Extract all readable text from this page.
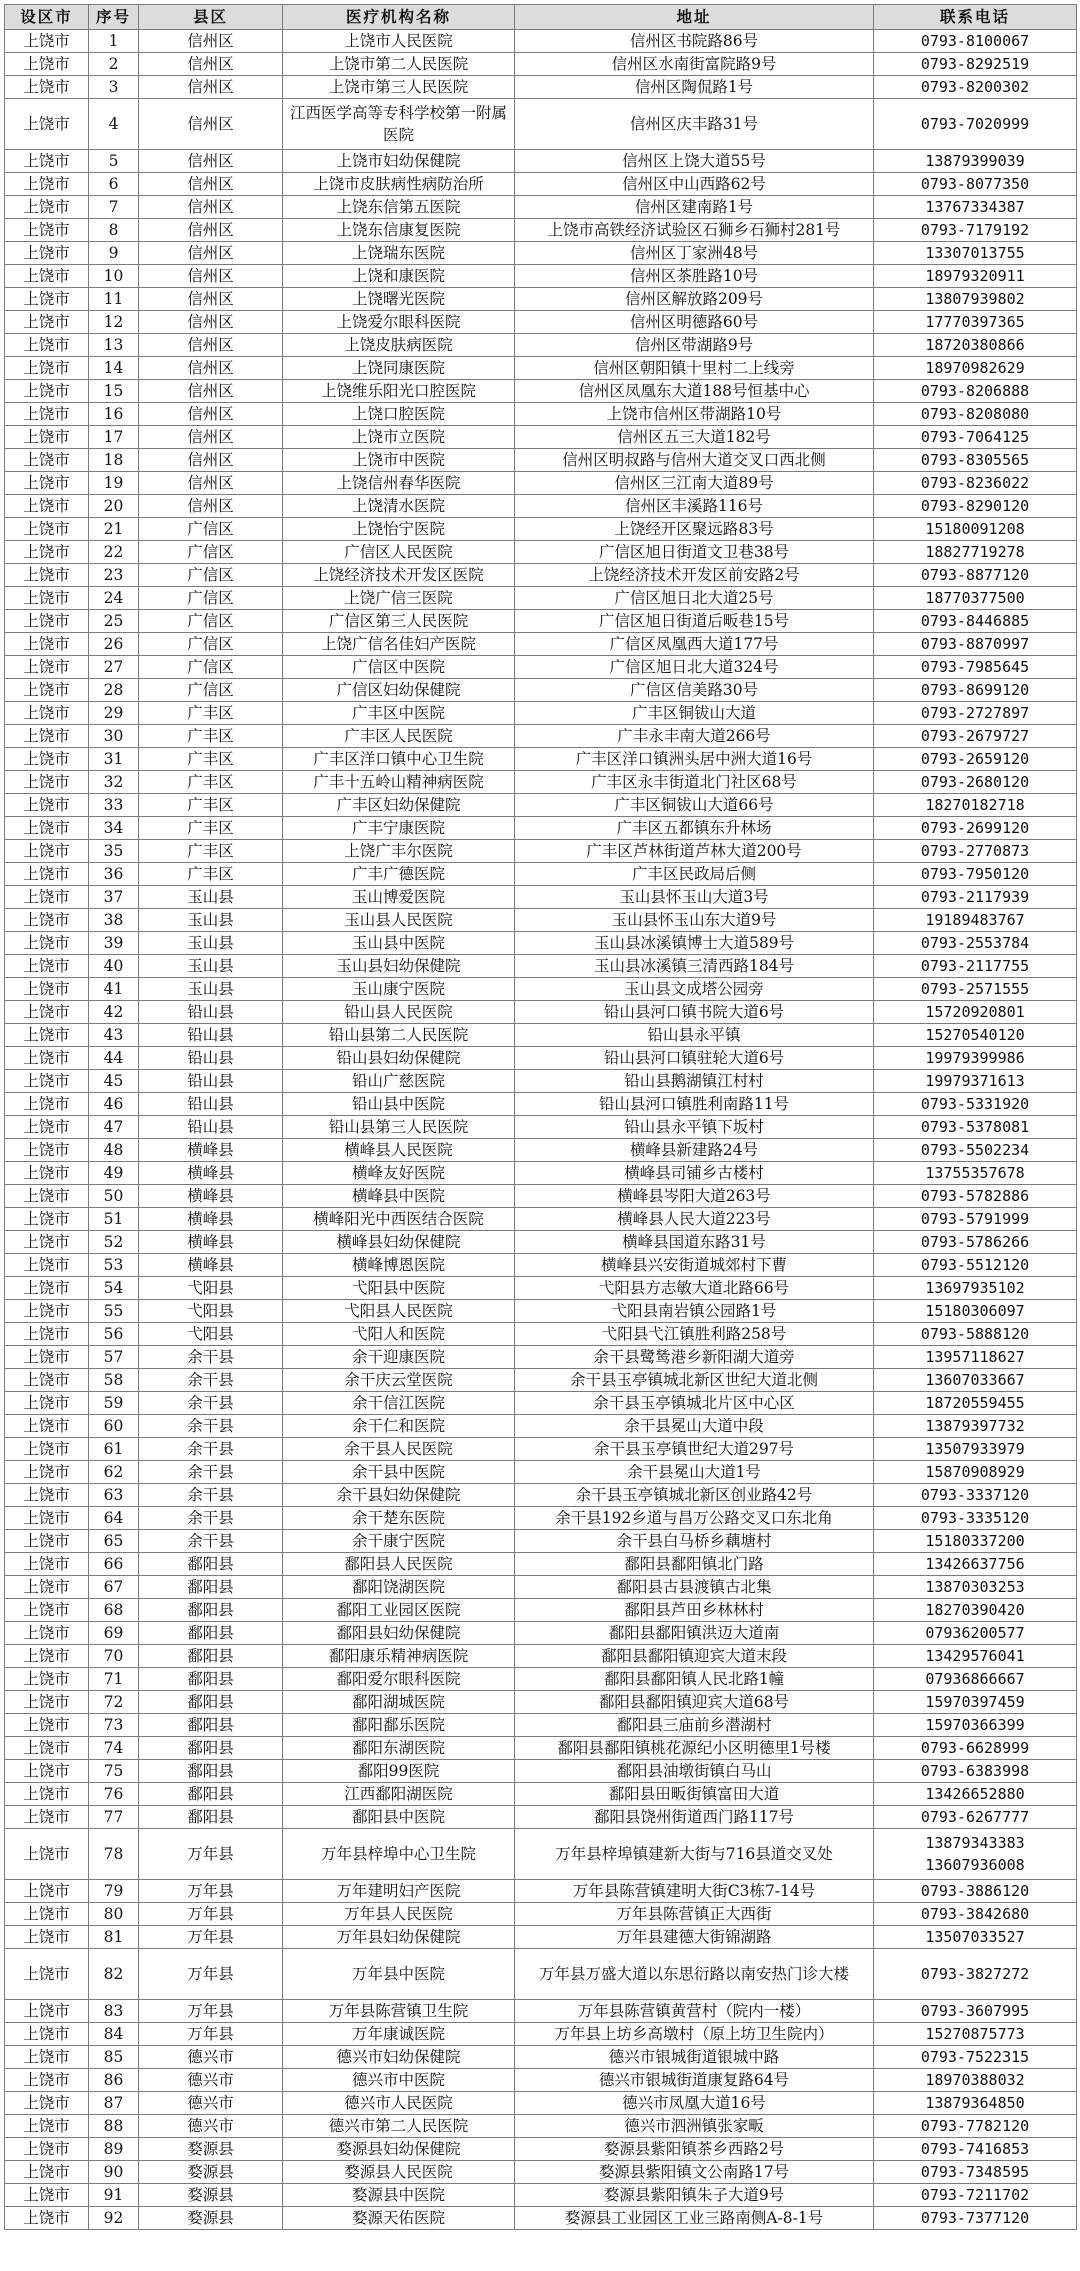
设区市	序号	县区	医疗机构名称	地址	联系电话
上饶市	1	信州区	上饶市人民医院	信州区书院路86号	0793-8100067
上饶市	2	信州区	上饶市第二人民医院	信州区水南街富院路9号	0793-8292519
上饶市	3	信州区	上饶市第三人民医院	信州区陶侃路1号	0793-8200302
上饶市	4	信州区	江西医学高等专科学校第一附属医院	信州区庆丰路31号	0793-7020999
上饶市	5	信州区	上饶市妇幼保健院	信州区上饶大道55号	13879399039
上饶市	6	信州区	上饶市皮肤病性病防治所	信州区中山西路62号	0793-8077350
上饶市	7	信州区	上饶东信第五医院	信州区建南路1号	13767334387
上饶市	8	信州区	上饶东信康复医院	上饶市高铁经济试验区石狮乡石狮村281号	0793-7179192
上饶市	9	信州区	上饶瑞东医院	信州区丁家洲48号	13307013755
上饶市	10	信州区	上饶和康医院	信州区茶胜路10号	18979320911
上饶市	11	信州区	上饶曙光医院	信州区解放路209号	13807939802
上饶市	12	信州区	上饶爱尔眼科医院	信州区明德路60号	17770397365
上饶市	13	信州区	上饶皮肤病医院	信州区带湖路9号	18720380866
上饶市	14	信州区	上饶同康医院	信州区朝阳镇十里村二上线旁	18970982629
上饶市	15	信州区	上饶维乐阳光口腔医院	信州区凤凰东大道188号恒基中心	0793-8206888
上饶市	16	信州区	上饶口腔医院	上饶市信州区带湖路10号	0793-8208080
上饶市	17	信州区	上饶市立医院	信州区五三大道182号	0793-7064125
上饶市	18	信州区	上饶市中医院	信州区明叔路与信州大道交叉口西北侧	0793-8305565
上饶市	19	信州区	上饶信州春华医院	信州区三江南大道89号	0793-8236022
上饶市	20	信州区	上饶清水医院	信州区丰溪路116号	0793-8290120
上饶市	21	广信区	上饶怡宁医院	上饶经开区聚远路83号	15180091208
上饶市	22	广信区	广信区人民医院	广信区旭日街道文卫巷38号	18827719278
上饶市	23	广信区	上饶经济技术开发区医院	上饶经济技术开发区前安路2号	0793-8877120
上饶市	24	广信区	上饶广信三医院	广信区旭日北大道25号	18770377500
上饶市	25	广信区	广信区第三人民医院	广信区旭日街道后畈巷15号	0793-8446885
上饶市	26	广信区	上饶广信名佳妇产医院	广信区凤凰西大道177号	0793-8870997
上饶市	27	广信区	广信区中医院	广信区旭日北大道324号	0793-7985645
上饶市	28	广信区	广信区妇幼保健院	广信区信美路30号	0793-8699120
上饶市	29	广丰区	广丰区中医院	广丰区铜钹山大道	0793-2727897
上饶市	30	广丰区	广丰区人民医院	广丰永丰南大道266号	0793-2679727
上饶市	31	广丰区	广丰区洋口镇中心卫生院	广丰区洋口镇洲头居中洲大道16号	0793-2659120
上饶市	32	广丰区	广丰十五岭山精神病医院	广丰区永丰街道北门社区68号	0793-2680120
上饶市	33	广丰区	广丰区妇幼保健院	广丰区铜钹山大道66号	18270182718
上饶市	34	广丰区	广丰宁康医院	广丰区五都镇东升林场	0793-2699120
上饶市	35	广丰区	上饶广丰尔医院	广丰区芦林街道芦林大道200号	0793-2770873
上饶市	36	广丰区	广丰广德医院	广丰区民政局后侧	0793-7950120
上饶市	37	玉山县	玉山博爱医院	玉山县怀玉山大道3号	0793-2117939
上饶市	38	玉山县	玉山县人民医院	玉山县怀玉山东大道9号	19189483767
上饶市	39	玉山县	玉山县中医院	玉山县冰溪镇博士大道589号	0793-2553784
上饶市	40	玉山县	玉山县妇幼保健院	玉山县冰溪镇三清西路184号	0793-2117755
上饶市	41	玉山县	玉山康宁医院	玉山县文成塔公园旁	0793-2571555
上饶市	42	铅山县	铅山县人民医院	铅山县河口镇书院大道6号	15720920801
上饶市	43	铅山县	铅山县第二人民医院	铅山县永平镇	15270540120
上饶市	44	铅山县	铅山县妇幼保健院	铅山县河口镇驻轮大道6号	19979399986
上饶市	45	铅山县	铅山广慈医院	铅山县鹅湖镇江村村	19979371613
上饶市	46	铅山县	铅山县中医院	铅山县河口镇胜利南路11号	0793-5331920
上饶市	47	铅山县	铅山县第三人民医院	铅山县永平镇下坂村	0793-5378081
上饶市	48	横峰县	横峰县人民医院	横峰县新建路24号	0793-5502234
上饶市	49	横峰县	横峰友好医院	横峰县司铺乡古楼村	13755357678
上饶市	50	横峰县	横峰县中医院	横峰县岑阳大道263号	0793-5782886
上饶市	51	横峰县	横峰阳光中西医结合医院	横峰县人民大道223号	0793-5791999
上饶市	52	横峰县	横峰县妇幼保健院	横峰县国道东路31号	0793-5786266
上饶市	53	横峰县	横峰博恩医院	横峰县兴安街道城郊村下曹	0793-5512120
上饶市	54	弋阳县	弋阳县中医院	弋阳县方志敏大道北路66号	13697935102
上饶市	55	弋阳县	弋阳县人民医院	弋阳县南岩镇公园路1号	15180306097
上饶市	56	弋阳县	弋阳人和医院	弋阳县弋江镇胜利路258号	0793-5888120
上饶市	57	余干县	余干迎康医院	余干县鹭鸶港乡新阳湖大道旁	13957118627
上饶市	58	余干县	余干庆云堂医院	余干县玉亭镇城北新区世纪大道北侧	13607033667
上饶市	59	余干县	余干信江医院	余干县玉亭镇城北片区中心区	18720559455
上饶市	60	余干县	余干仁和医院	余干县冕山大道中段	13879397732
上饶市	61	余干县	余干县人民医院	余干县玉亭镇世纪大道297号	13507933979
上饶市	62	余干县	余干县中医院	余干县冕山大道1号	15870908929
上饶市	63	余干县	余干县妇幼保健院	余干县玉亭镇城北新区创业路42号	0793-3337120
上饶市	64	余干县	余干楚东医院	余干县192乡道与昌万公路交叉口东北角	0793-3335120
上饶市	65	余干县	余干康宁医院	余干县白马桥乡藕塘村	15180337200
上饶市	66	鄱阳县	鄱阳县人民医院	鄱阳县鄱阳镇北门路	13426637756
上饶市	67	鄱阳县	鄱阳饶湖医院	鄱阳县古县渡镇古北集	13870303253
上饶市	68	鄱阳县	鄱阳工业园区医院	鄱阳县芦田乡林林村	18270390420
上饶市	69	鄱阳县	鄱阳县妇幼保健院	鄱阳县鄱阳镇洪迈大道南	07936200577
上饶市	70	鄱阳县	鄱阳康乐精神病医院	鄱阳县鄱阳镇迎宾大道末段	13429576041
上饶市	71	鄱阳县	鄱阳爱尔眼科医院	鄱阳县鄱阳镇人民北路1幢	07936866667
上饶市	72	鄱阳县	鄱阳湖城医院	鄱阳县鄱阳镇迎宾大道68号	15970397459
上饶市	73	鄱阳县	鄱阳鄱乐医院	鄱阳县三庙前乡潜湖村	15970366399
上饶市	74	鄱阳县	鄱阳东湖医院	鄱阳县鄱阳镇桃花源纪小区明德里1号楼	0793-6628999
上饶市	75	鄱阳县	鄱阳99医院	鄱阳县油墩街镇白马山	0793-6383998
上饶市	76	鄱阳县	江西鄱阳湖医院	鄱阳县田畈街镇富田大道	13426652880
上饶市	77	鄱阳县	鄱阳县中医院	鄱阳县饶州街道西门路117号	0793-6267777
上饶市	78	万年县	万年县梓埠中心卫生院	万年县梓埠镇建新大街与716县道交叉处	13879343383
13607936008
上饶市	79	万年县	万年建明妇产医院	万年县陈营镇建明大街C3栋7-14号	0793-3886120
上饶市	80	万年县	万年县人民医院	万年县陈营镇正大西街	0793-3842680
上饶市	81	万年县	万年县妇幼保健院	万年县建德大街锦湖路	13507033527
上饶市	82	万年县	万年县中医院	万年县万盛大道以东思衍路以南安热门诊大楼	0793-3827272
上饶市	83	万年县	万年县陈营镇卫生院	万年县陈营镇黄营村（院内一楼）	0793-3607995
上饶市	84	万年县	万年康诚医院	万年县上坊乡高墩村（原上坊卫生院内）	15270875773
上饶市	85	德兴市	德兴市妇幼保健院	德兴市银城街道银城中路	0793-7522315
上饶市	86	德兴市	德兴市中医院	德兴市银城街道康复路64号	18970388032
上饶市	87	德兴市	德兴市人民医院	德兴市凤凰大道16号	13879364850
上饶市	88	德兴市	德兴市第二人民医院	德兴市泗洲镇张家畈	0793-7782120
上饶市	89	婺源县	婺源县妇幼保健院	婺源县紫阳镇茶乡西路2号	0793-7416853
上饶市	90	婺源县	婺源县人民医院	婺源县紫阳镇文公南路17号	0793-7348595
上饶市	91	婺源县	婺源县中医院	婺源县紫阳镇朱子大道9号	0793-7211702
上饶市	92	婺源县	婺源天佑医院	婺源县工业园区工业三路南侧A-8-1号	0793-7377120
